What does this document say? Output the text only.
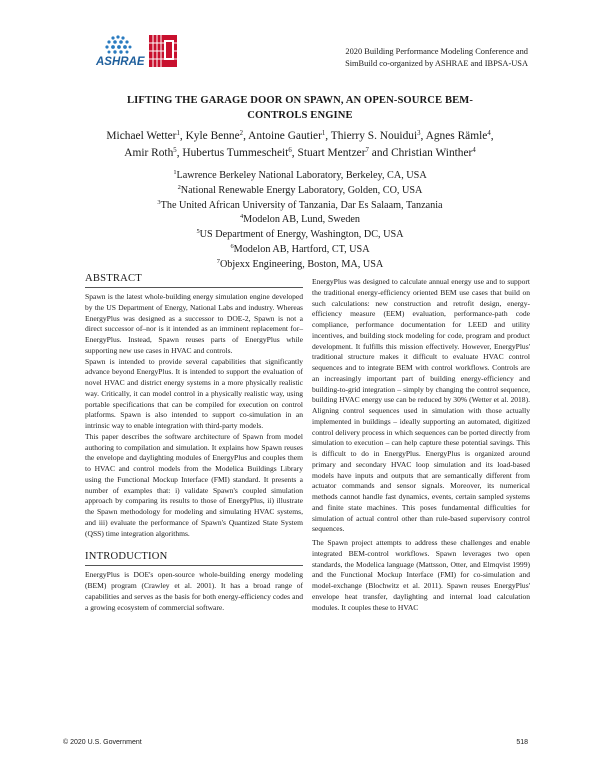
ASHRAE
2020 Building Performance Modeling Conference and
SimBuild co-organized by ASHRAE and IBPSA-USA
LIFTING THE GARAGE DOOR ON SPAWN, AN OPEN-SOURCE BEM-
CONTROLS ENGINE
Michael Wetter$^1$, Kyle Benne$^2$, Antoine Gautier$^1$, Thierry S. Nouidui$^3$, Agnes Rämle$^4$,
Amir Roth$^5$, Hubertus Tummescheit$^6$, Stuart Mentzer$^7$ and Christian Winther$^4$
$^1$Lawrence Berkeley National Laboratory, Berkeley, CA, USA
$^2$National Renewable Energy Laboratory, Golden, CO, USA
$^3$The United African University of Tanzania, Dar Es Salaam, Tanzania
$^4$Modelon AB, Lund, Sweden
$^5$US Department of Energy, Washington, DC, USA
$^6$Modelon AB, Hartford, CT, USA
$^7$Objexx Engineering, Boston, MA, USA
ABSTRACT

Spawn is the latest whole-building energy simulation engine developed by the US Department of Energy, National Labs and industry. Whereas EnergyPlus was designed as a successor to DOE-2, Spawn is not a direct successor of–nor is it intended as an imminent replacement for–EnergyPlus. Instead, Spawn reuses parts of EnergyPlus while supporting new use cases in HVAC and controls.

Spawn is intended to provide several capabilities that significantly advance beyond EnergyPlus. It is intended to support the evaluation of novel HVAC and district energy systems in a more physically realistic way. Critically, it can model control in a physically realistic way, using portable specifications that can be compiled for execution on control platforms. Spawn is also intended to support co-simulation in an intrinsic way to enable integration with third-party models.

This paper describes the software architecture of Spawn from model authoring to compilation and simulation. It explains how Spawn reuses the envelope and daylighting modules of EnergyPlus and couples them to HVAC and control models from the Modelica Buildings Library using the Functional Mockup Interface (FMI) standard. It presents a number of examples that: i) validate Spawn's coupled simulation approach by comparing its results to those of EnergyPlus, ii) illustrate the Spawn methodology for modeling and simulating HVAC systems, and iii) evaluate the performance of Spawn's Quantized State System (QSS) time integration algorithms.

INTRODUCTION

EnergyPlus is DOE's open-source whole-building energy modeling (BEM) program (Crawley et al. 2001). It has a broad range of capabilities and serves as the basis for both energy-efficiency codes and a growing ecosystem of commercial software.

EnergyPlus was designed to calculate annual energy use and to support the traditional energy-efficiency oriented BEM use cases that build on such calculations: new construction and retrofit design, energy-efficiency measure (EEM) evaluation, performance-path code compliance, performance documentation for LEED and utility incentives, and building stock modeling for code, program and product development. It fulfills this mission effectively. However, EnergyPlus' traditional structure makes it difficult to evaluate HVAC control sequences and to integrate BEM with control workflows. Controls are an increasingly important part of building energy-efficiency and building-to-grid integration – simply by changing the control sequence, building HVAC energy use can be reduced by 30% (Wetter et al. 2018). Aligning control sequences used in simulation with those actually implemented in buildings – ideally supporting an automated, digitized control delivery process in which sequences can be ported directly from simulation to execution – can help capture these potential savings. This is difficult to do in EnergyPlus. EnergyPlus is organized around primary and secondary HVAC loop simulation and its load-based models have inputs and outputs that are semantically different from actuator commands and sensor signals. Moreover, its numerical methods cannot handle fast dynamics, events, certain sampled systems and finite state machines. This poses fundamental difficulties for simulation of actual control other than rule-based supervisory control sequences.

The Spawn project attempts to address these challenges and enable integrated BEM-control workflows. Spawn leverages two open standards, the Modelica language (Mattsson, Otter, and Elmqvist 1999) and the Functional Mockup Interface (FMI) for co-simulation and model-exchange (Blochwitz et al. 2011). Spawn reuses EnergyPlus' envelope heat transfer, daylighting and internal load calculation modules. It couples these to HVAC

© 2020 U.S. Government	518
